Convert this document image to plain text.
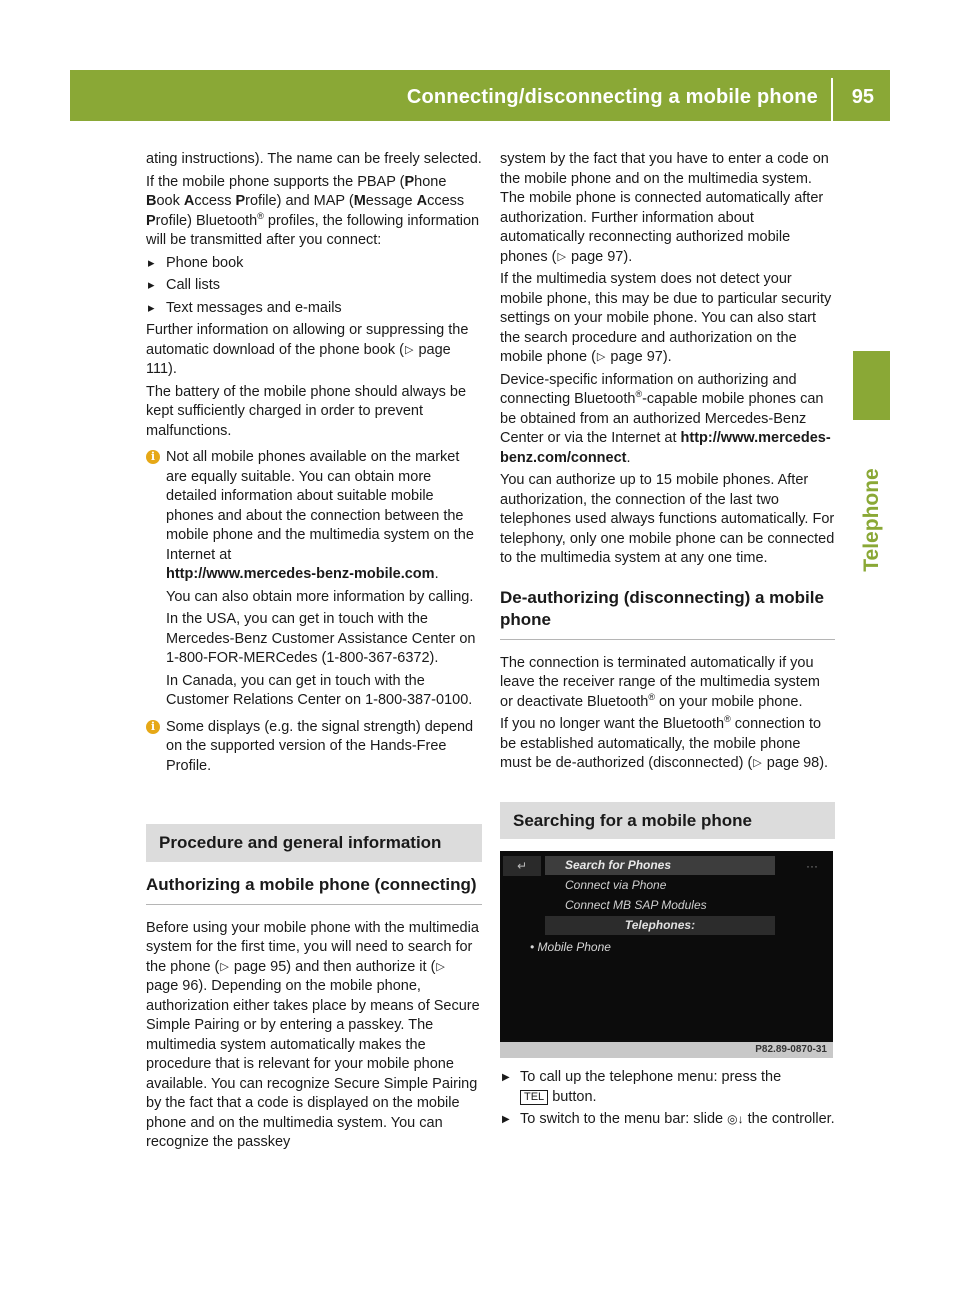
Connecting/disconnecting a mobile phone 95
Telephone

ating instructions). The name can be freely selected.

If the mobile phone supports the PBAP (Phone Book Access Profile) and MAP (Message Access Profile) Bluetooth® profiles, the following information will be transmitted after you connect:

▸ Phone book
▸ Call lists
▸ Text messages and e-mails

Further information on allowing or suppressing the automatic download of the phone book (▷ page 111).

The battery of the mobile phone should always be kept sufficiently charged in order to prevent malfunctions.

i Not all mobile phones available on the market are equally suitable. You can obtain more detailed information about suitable mobile phones and about the connection between the mobile phone and the multimedia system on the Internet at
http://www.mercedes-benz-mobile.com.

You can also obtain more information by calling.

In the USA, you can get in touch with the Mercedes-Benz Customer Assistance Center on 1-800-FOR-MERCedes (1-800-367-6372).

In Canada, you can get in touch with the Customer Relations Center on 1-800-387-0100.

i Some displays (e.g. the signal strength) depend on the supported version of the Hands-Free Profile.

Procedure and general information
Authorizing a mobile phone (connecting)

Before using your mobile phone with the multimedia system for the first time, you will need to search for the phone (▷ page 95) and then authorize it (▷ page 96). Depending on the mobile phone, authorization either takes place by means of Secure Simple Pairing or by entering a passkey. The multimedia system automatically makes the procedure that is relevant for your mobile phone available. You can recognize Secure Simple Pairing by the fact that a code is displayed on the mobile phone and on the multimedia system. You can recognize the passkey

system by the fact that you have to enter a code on the mobile phone and on the multimedia system. The mobile phone is connected automatically after authorization. Further information about automatically reconnecting authorized mobile phones (▷ page 97).

If the multimedia system does not detect your mobile phone, this may be due to particular security settings on your mobile phone. You can also start the search procedure and authorization on the mobile phone (▷ page 97).

Device-specific information on authorizing and connecting Bluetooth®-capable mobile phones can be obtained from an authorized Mercedes-Benz Center or via the Internet at http://www.mercedes-benz.com/connect.

You can authorize up to 15 mobile phones. After authorization, the connection of the last two telephones used always functions automatically. For telephony, only one mobile phone can be connected to the multimedia system at any one time.

De-authorizing (disconnecting) a mobile phone

The connection is terminated automatically if you leave the receiver range of the multimedia system or deactivate Bluetooth® on your mobile phone.

If you no longer want the Bluetooth® connection to be established automatically, the mobile phone must be de-authorized (disconnected) (▷ page 98).

Searching for a mobile phone
↵	···
Search for Phones
Connect via Phone
Connect MB SAP Modules
Telephones:
• Mobile Phone
P82.89-0870-31
▶ To call up the telephone menu: press the
TEL button.
▶ To switch to the menu bar: slide ◎↓ the controller.
